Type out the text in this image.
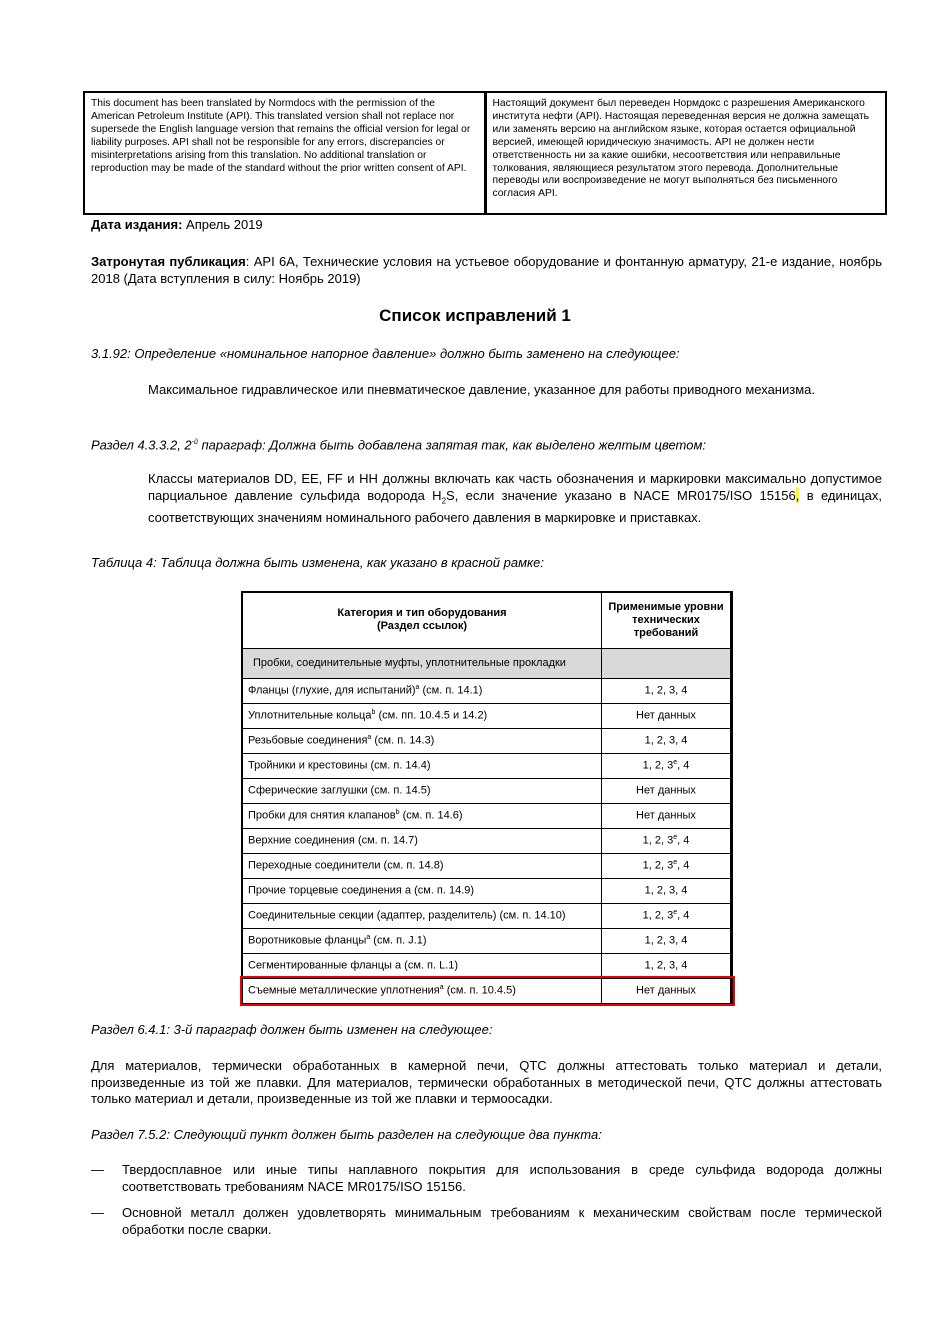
This document has been translated by Normdocs with the permission of the American Petroleum Institute (API). This translated version shall not replace nor supersede the English language version that remains the official version for legal or liability purposes. API shall not be responsible for any errors, discrepancies or misinterpretations arising from this translation. No additional translation or reproduction may be made of the standard without the prior written consent of API.
Настоящий документ был переведен Нормдокс с разрешения Американского института нефти (API). Настоящая переведенная версия не должна замещать или заменять версию на английском языке, которая остается официальной версией, имеющей юридическую значимость. API не должен нести ответственность ни за какие ошибки, несоответствия или неправильные толкования, являющиеся результатом этого перевода. Дополнительные переводы или воспроизведение не могут выполняться без письменного согласия API.
Дата издания: Апрель 2019
Затронутая публикация: API 6A, Технические условия на устьевое оборудование и фонтанную арматуру, 21-е издание, ноябрь 2018 (Дата вступления в силу: Ноябрь 2019)
Список исправлений 1
3.1.92: Определение «номинальное напорное давление» должно быть заменено на следующее:
Максимальное гидравлическое или пневматическое давление, указанное для работы приводного механизма.
Раздел 4.3.3.2, $2^{-й}$ параграф: Должна быть добавлена запятая так, как выделено желтым цветом:
Классы материалов DD, EE, FF и HH должны включать как часть обозначения и маркировки максимально допустимое парциальное давление сульфида водорода $H_2S$, если значение указано в NACE MR0175/ISO 15156, в единицах, соответствующих значениям номинального рабочего давления в маркировке и приставках.
Таблица 4: Таблица должна быть изменена, как указано в красной рамке:
Категория и тип оборудования
(Раздел ссылок)	Применимые уровни технических требований
Пробки, соединительные муфты, уплотнительные прокладки	
Фланцы (глухие, для испытаний)$^a$ (см. п. 14.1)	1, 2, 3, 4
Уплотнительные кольца$^b$ (см. пп. 10.4.5 и 14.2)	Нет данных
Резьбовые соединения$^a$ (см. п. 14.3)	1, 2, 3, 4
Тройники и крестовины (см. п. 14.4)	1, 2, 3e, 4
Сферические заглушки (см. п. 14.5)	Нет данных
Пробки для снятия клапанов$^b$ (см. п. 14.6)	Нет данных
Верхние соединения (см. п. 14.7)	1, 2, 3e, 4
Переходные соединители (см. п. 14.8)	1, 2, 3e, 4
Прочие торцевые соединения а (см. п. 14.9)	1, 2, 3, 4
Соединительные секции (адаптер, разделитель) (см. п. 14.10)	1, 2, 3e, 4
Воротниковые фланцы$^a$ (см. п. J.1)	1, 2, 3, 4
Сегментированные фланцы а (см. п. L.1)	1, 2, 3, 4
Съемные металлические уплотнения$^a$ (см. п. 10.4.5)	Нет данных
Раздел 6.4.1: 3-й параграф должен быть изменен на следующее:
Для материалов, термически обработанных в камерной печи, QTC должны аттестовать только материал и детали, произведенные из той же плавки. Для материалов, термически обработанных в методической печи, QTC должны аттестовать только материал и детали, произведенные из той же плавки и термоосадки.
Раздел 7.5.2: Следующий пункт должен быть разделен на следующие два пункта:
— Твердосплавное или иные типы наплавного покрытия для использования в среде сульфида водорода должны соответствовать требованиям NACE MR0175/ISO 15156.
— Основной металл должен удовлетворять минимальным требованиям к механическим свойствам после термической обработки после сварки.
